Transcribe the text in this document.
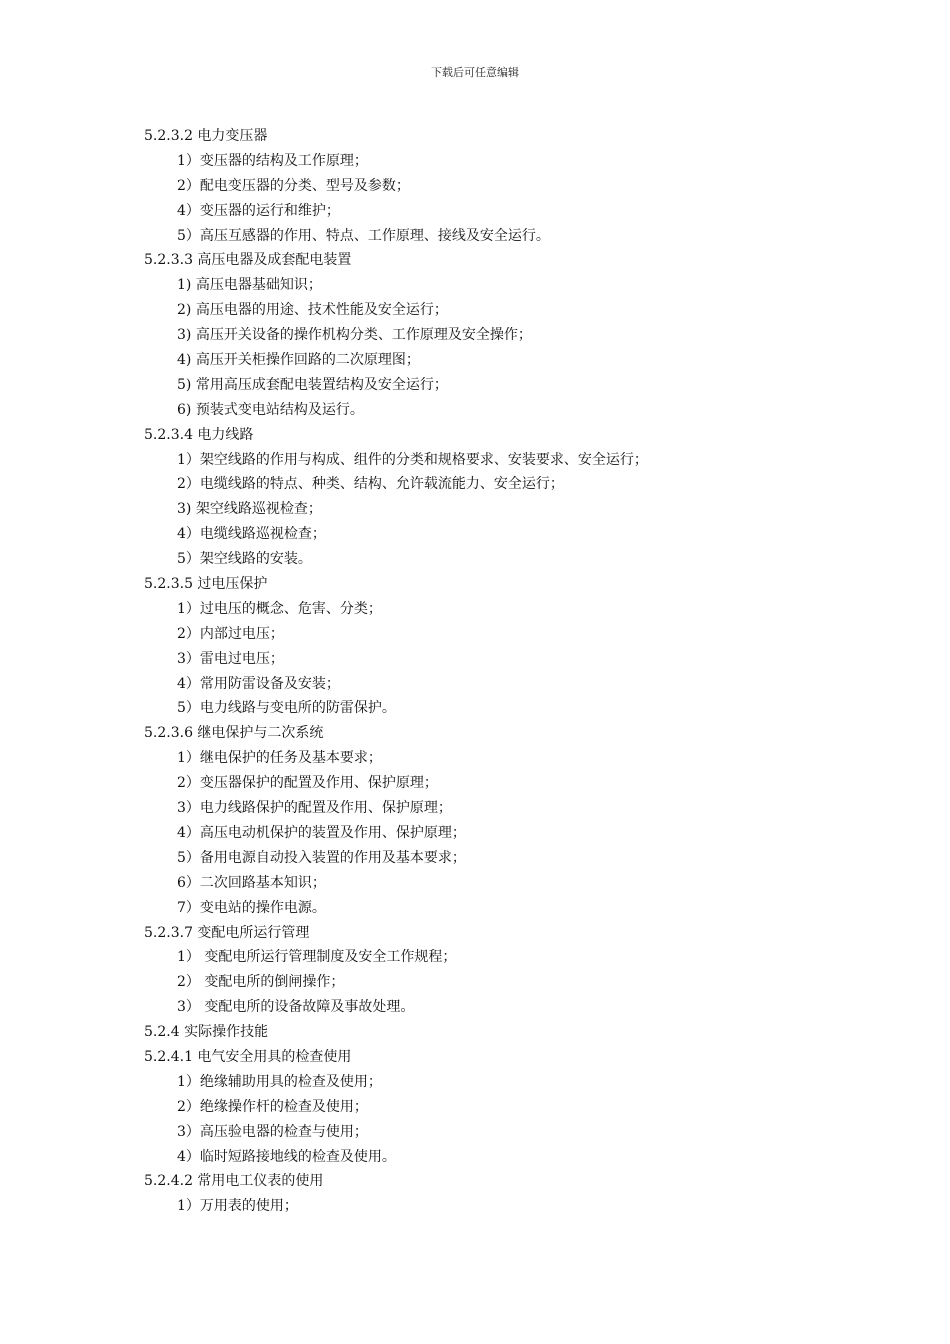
下载后可任意编辑
5.2.3.2 电力变压器
1）变压器的结构及工作原理；
2）配电变压器的分类、型号及参数；
4）变压器的运行和维护；
5）高压互感器的作用、特点、工作原理、接线及安全运行。
5.2.3.3 高压电器及成套配电装置
1) 高压电器基础知识；
2) 高压电器的用途、技术性能及安全运行；
3) 高压开关设备的操作机构分类、工作原理及安全操作；
4) 高压开关柜操作回路的二次原理图；
5) 常用高压成套配电装置结构及安全运行；
6) 预装式变电站结构及运行。
5.2.3.4 电力线路
1）架空线路的作用与构成、组件的分类和规格要求、安装要求、安全运行；
2）电缆线路的特点、种类、结构、允许载流能力、安全运行；
3) 架空线路巡视检查；
4）电缆线路巡视检查；
5）架空线路的安装。
5.2.3.5 过电压保护
1）过电压的概念、危害、分类；
2）内部过电压；
3）雷电过电压；
4）常用防雷设备及安装；
5）电力线路与变电所的防雷保护。
5.2.3.6 继电保护与二次系统
1）继电保护的任务及基本要求；
2）变压器保护的配置及作用、保护原理；
3）电力线路保护的配置及作用、保护原理；
4）高压电动机保护的装置及作用、保护原理；
5）备用电源自动投入装置的作用及基本要求；
6）二次回路基本知识；
7）变电站的操作电源。
5.2.3.7 变配电所运行管理
1） 变配电所运行管理制度及安全工作规程；
2） 变配电所的倒闸操作；
3） 变配电所的设备故障及事故处理。
5.2.4 实际操作技能
5.2.4.1 电气安全用具的检查使用
1）绝缘辅助用具的检查及使用；
2）绝缘操作杆的检查及使用；
3）高压验电器的检查与使用；
4）临时短路接地线的检查及使用。
5.2.4.2 常用电工仪表的使用
1）万用表的使用；
